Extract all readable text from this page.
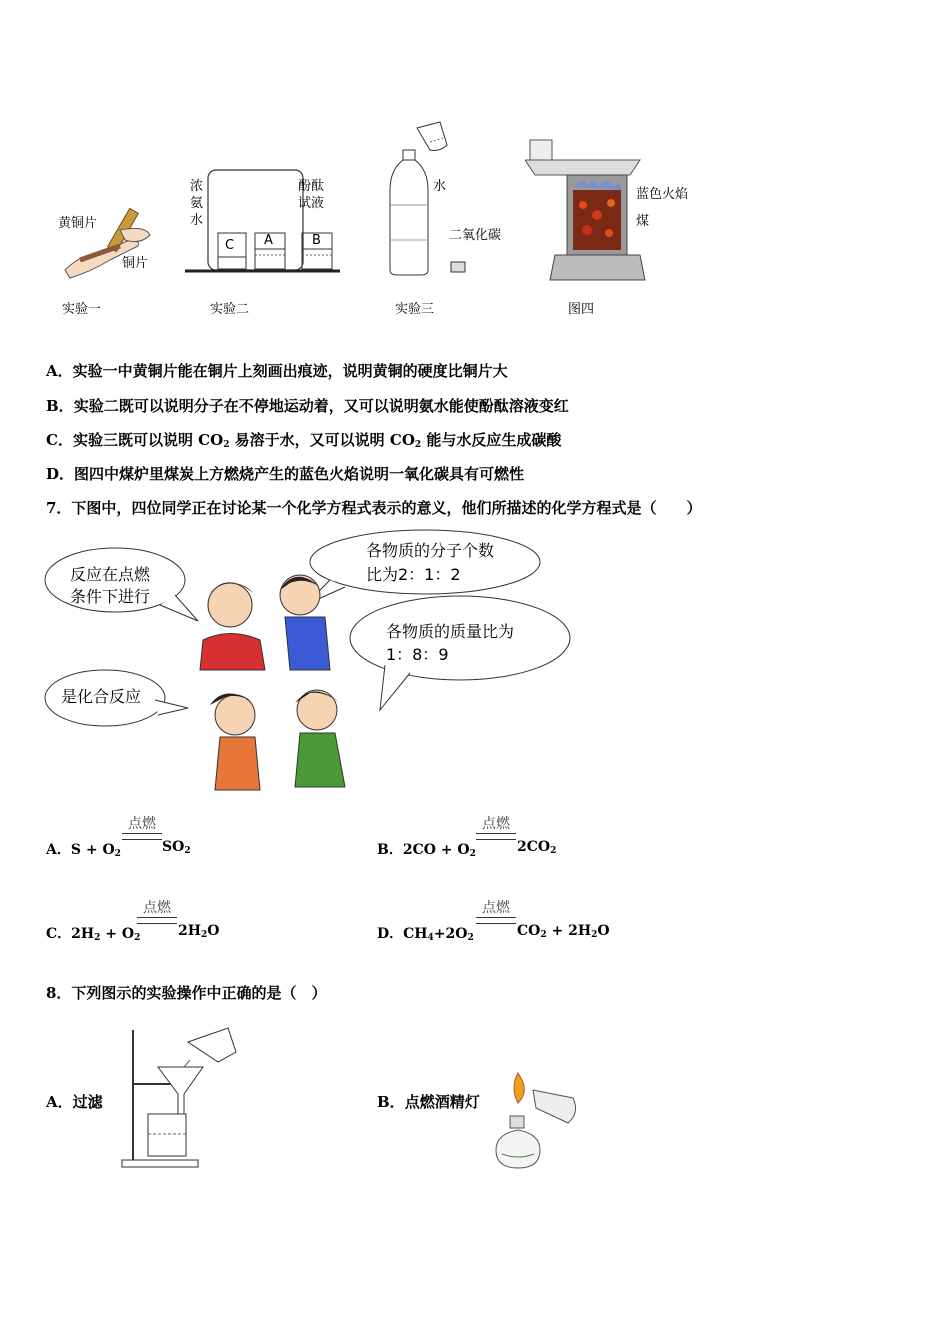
黄铜片
铜片
实验一
浓
氨
水
酚酞
试液
C A	B
实验二
水
二氧化碳
实验三
蓝色火焰
煤
图四
A．实验一中黄铜片能在铜片上刻画出痕迹，说明黄铜的硬度比铜片大
B．实验二既可以说明分子在不停地运动着，又可以说明氨水能使酚酞溶液变红
C．实验三既可以说明 $CO_2$ 易溶于水，又可以说明 $CO_2$ 能与水反应生成碳酸
D．图四中煤炉里煤炭上方燃烧产生的蓝色火焰说明一氧化碳具有可燃性
7．下图中，四位同学正在讨论某一个化学方程式表示的意义，他们所描述的化学方程式是（　　）
反应在点燃
条件下进行
各物质的分子个数
比为2：1：2
各物质的质量比为
1：8：9
是化合反应
点燃
A．$S + O_2$	$SO_2$
点燃
B．$2CO + O_2$	$2CO_2$
点燃
C．$2H_2 + O_2$	$2H_2O$
点燃
D．$CH_4+2O_2$	$CO_2 + 2H_2O$
8．下列图示的实验操作中正确的是（　）
A．过滤	B．点燃酒精灯
